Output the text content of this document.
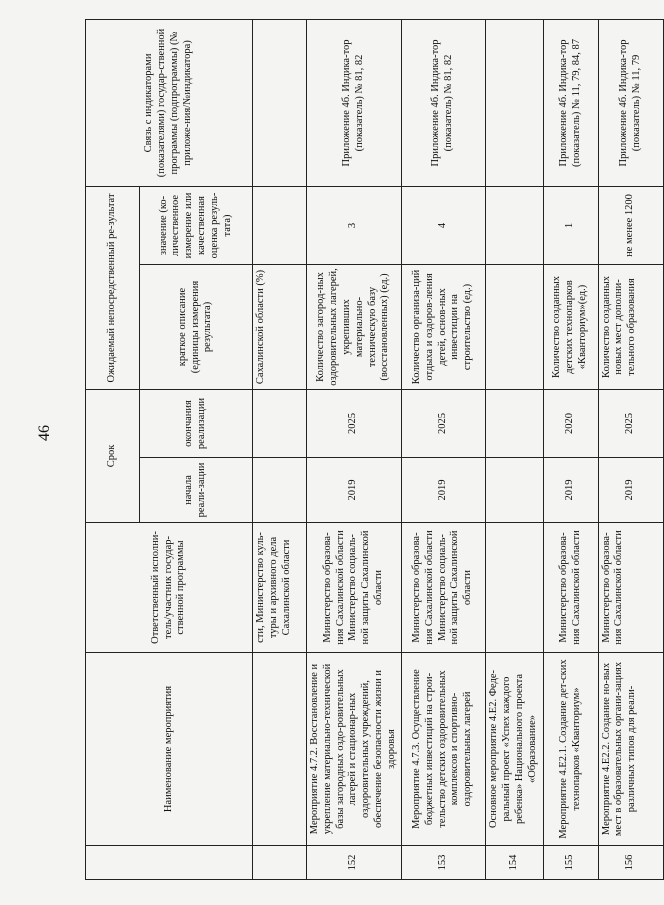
46
	Наименование мероприятия	Ответственный исполни-тель/участник государ-ственной программы	Срок		Ожидаемый непосредственный ре-зультат		Связь с индикаторами (показателями) государ-ственной программы (подпрограммы) (№ приложе-ния/№индикатора)
			начала реали-зации	окончания реализации	краткое описание (единицы измерения результата)	значение (ко-личественное измерение или качественная оценка резуль-тата)	
		сти, Министерство куль-туры и архивного дела Сахалинской области			Сахалинской области (%)		
152	Мероприятие 4.7.2. Восстановление и укрепление материально-технической базы загородных оздо-ровительных лагерей и стационар-ных оздоровительных учреждений, обеспечение безопасности жизни и здоровья	Министерство образова-ния Сахалинской области Министерство социаль-ной защиты Сахалинской области	2019	2025	Количество загород-ных оздоровительных лагерей, укрепивших материально-техническую базу (восстановленных) (ед.)	3	Приложение 4б. Индика-тор (показатель) № 81, 82
153	Мероприятие 4.7.3. Осуществление бюджетных инвестиций на строи-тельство детских оздоровительных комплексов и спортивно-оздоровительных лагерей	Министерство образова-ния Сахалинской области Министерство социаль-ной защиты Сахалинской области	2019	2025	Количество организа-ций отдыха и оздоров-ления детей, основ-ных инвестиции на строительство (ед.)	4	Приложение 4б. Индика-тор (показатель) № 81, 82
154	Основное мероприятие 4.Е2. Феде-ральный проект «Успех каждого ребенка» Национального проекта «Образование»						
155	Мероприятие 4.Е2.1. Создание дет-ских технопарков «Кванториум»	Министерство образова-ния Сахалинской области	2019	2020	Количество созданных детских технопарков «Кванториум»(ед.)	1	Приложение 4б. Индика-тор (показатель) № 11, 79, 84, 87
156	Мероприятие 4.Е2.2. Создание но-вых мест в образовательных органи-зациях различных типов для реали-	Министерство образова-ния Сахалинской области	2019	2025	Количество созданных новых мест дополни-тельного образования	не менее 1200	Приложение 4б. Индика-тор (показатель) № 11, 79
